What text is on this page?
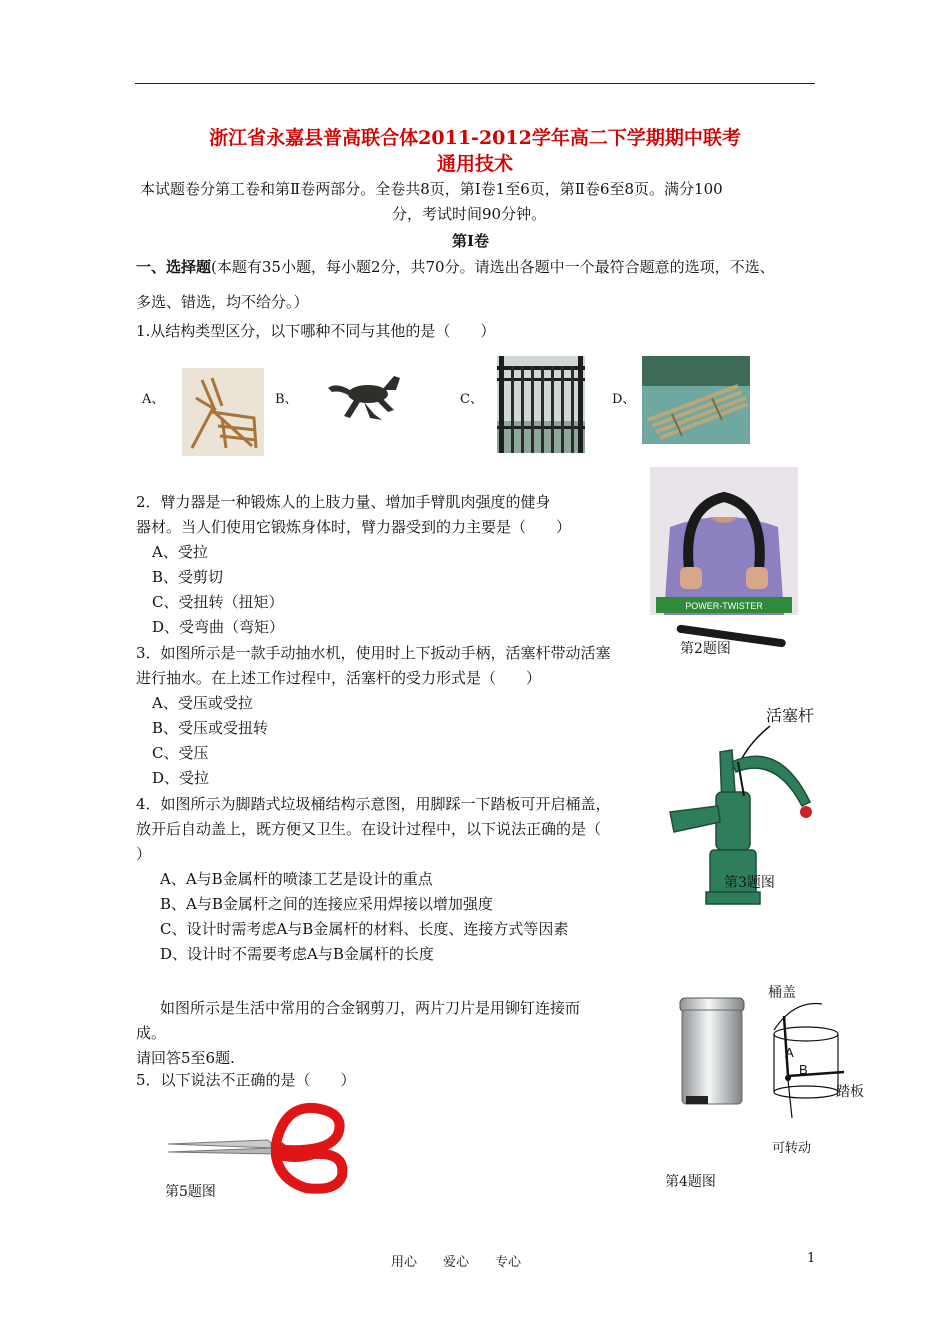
浙江省永嘉县普高联合体2011-2012学年高二下学期期中联考
通用技术
本试题卷分第工卷和第Ⅱ卷两部分。全卷共8页，第Ⅰ卷1至6页，第Ⅱ卷6至8页。满分100
分，考试时间90分钟。
第Ⅰ卷
一、选择题(本题有35小题，每小题2分，共70分。请选出各题中一个最符合题意的选项，不选、
多选、错选，均不给分。）
1.从结构类型区分，以下哪种不同与其他的是（　　）
A、	B、	C、	D、
2．臂力器是一种锻炼人的上肢力量、增加手臂肌肉强度的健身
器材。当人们使用它锻炼身体时，臂力器受到的力主要是（　　）
A、受拉
B、受剪切
C、受扭转（扭矩）
D、受弯曲（弯矩）
POWER-TWISTER
第2题图
3．如图所示是一款手动抽水机，使用时上下扳动手柄，活塞杆带动活塞
进行抽水。在上述工作过程中，活塞杆的受力形式是（　　）
A、受压或受拉
B、受压或受扭转
C、受压
D、受拉
活塞杆
第3题图
4．如图所示为脚踏式垃圾桶结构示意图，用脚踩一下踏板可开启桶盖，
放开后自动盖上，既方便又卫生。在设计过程中，以下说法正确的是（
）
A、A与B金属杆的喷漆工艺是设计的重点
B、A与B金属杆之间的连接应采用焊接以增加强度
C、设计时需考虑A与B金属杆的材料、长度、连接方式等因素
D、设计时不需要考虑A与B金属杆的长度
桶盖
A
B
踏板
可转动
第4题图
如图所示是生活中常用的合金钢剪刀，两片刀片是用铆钉连接而
成。
请回答5至6题.
5．以下说法不正确的是（　　）
第5题图
用心　　爱心　　专心	1
